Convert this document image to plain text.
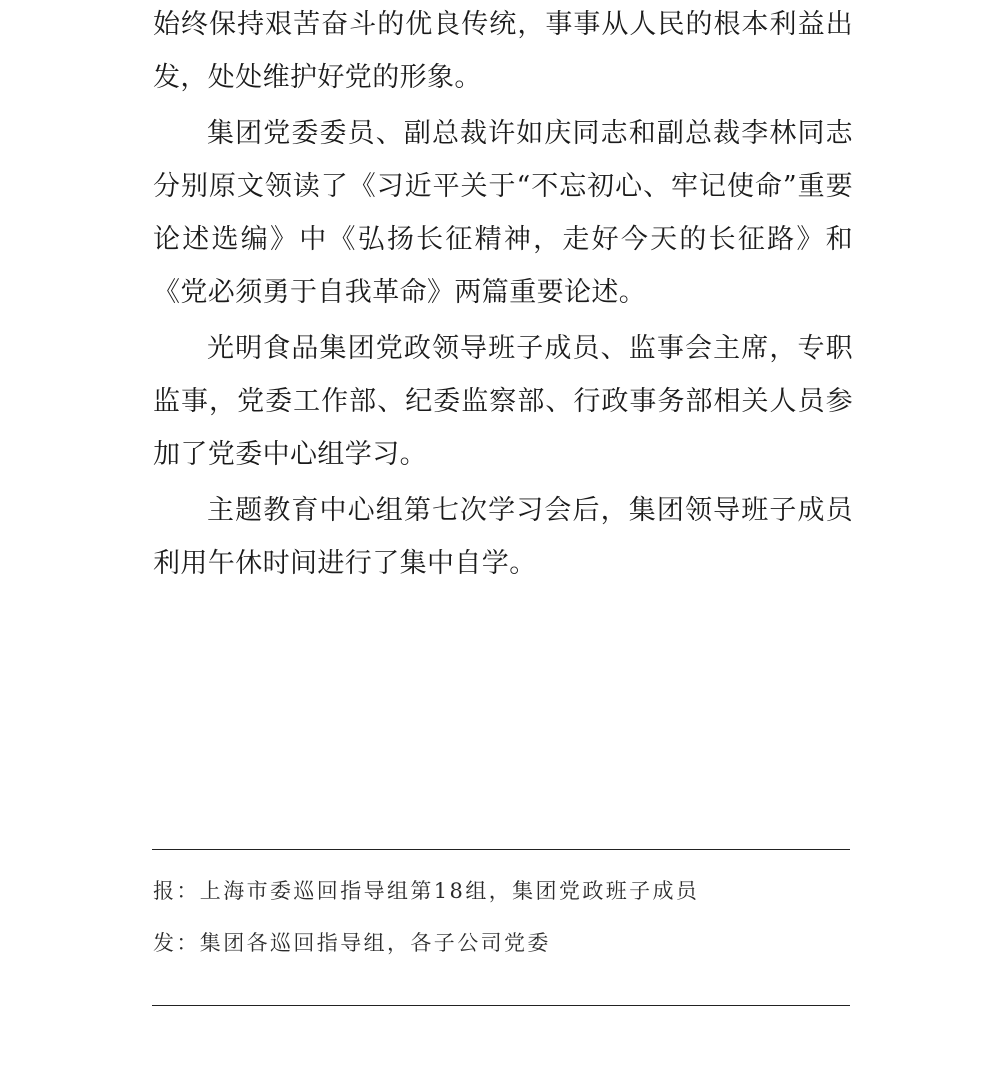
始终保持艰苦奋斗的优良传统，事事从人民的根本利益出发，处处维护好党的形象。

集团党委委员、副总裁许如庆同志和副总裁李林同志分别原文领读了《习近平关于“不忘初心、牢记使命”重要论述选编》中《弘扬长征精神，走好今天的长征路》和《党必须勇于自我革命》两篇重要论述。

光明食品集团党政领导班子成员、监事会主席，专职监事，党委工作部、纪委监察部、行政事务部相关人员参加了党委中心组学习。

主题教育中心组第七次学习会后，集团领导班子成员利用午休时间进行了集中自学。

报：上海市委巡回指导组第18组，集团党政班子成员
发：集团各巡回指导组，各子公司党委
